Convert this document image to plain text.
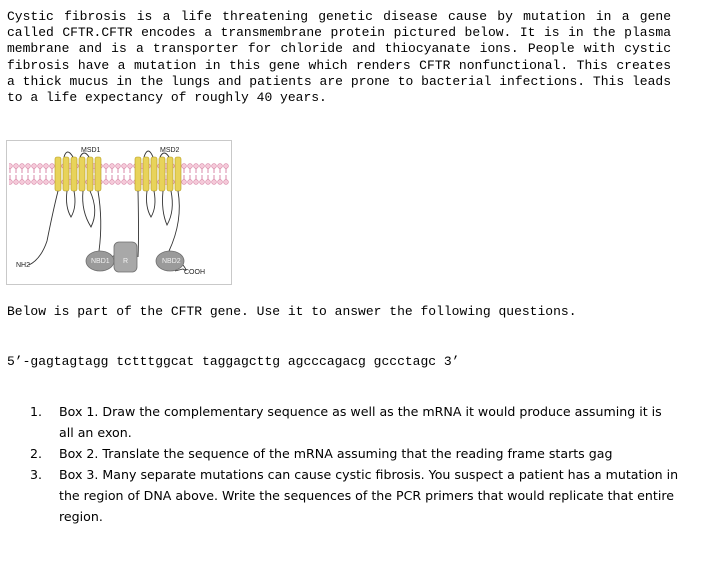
Cystic fibrosis is a life threatening genetic disease cause by mutation in a gene called CFTR.CFTR encodes a transmembrane protein pictured below. It is in the plasma membrane and is a transporter for chloride and thiocyanate ions. People with cystic fibrosis have a mutation in this gene which renders CFTR nonfunctional. This creates a thick mucus in the lungs and patients are prone to bacterial infections. This leads to a life expectancy of roughly 40 years.

MSD1	MSD2
NBD1 R	NBD2
NH2
COOH

Below is part of the CFTR gene. Use it to answer the following questions.

5’-gagtagtagg tctttggcat taggagcttg agcccagacg gccctagc 3’

1. Box 1. Draw the complementary sequence as well as the mRNA it would produce assuming it is all an exon.
2. Box 2. Translate the sequence of the mRNA assuming that the reading frame starts gag
3. Box 3. Many separate mutations can cause cystic fibrosis. You suspect a patient has a mutation in the region of DNA above. Write the sequences of the PCR primers that would replicate that entire region.
